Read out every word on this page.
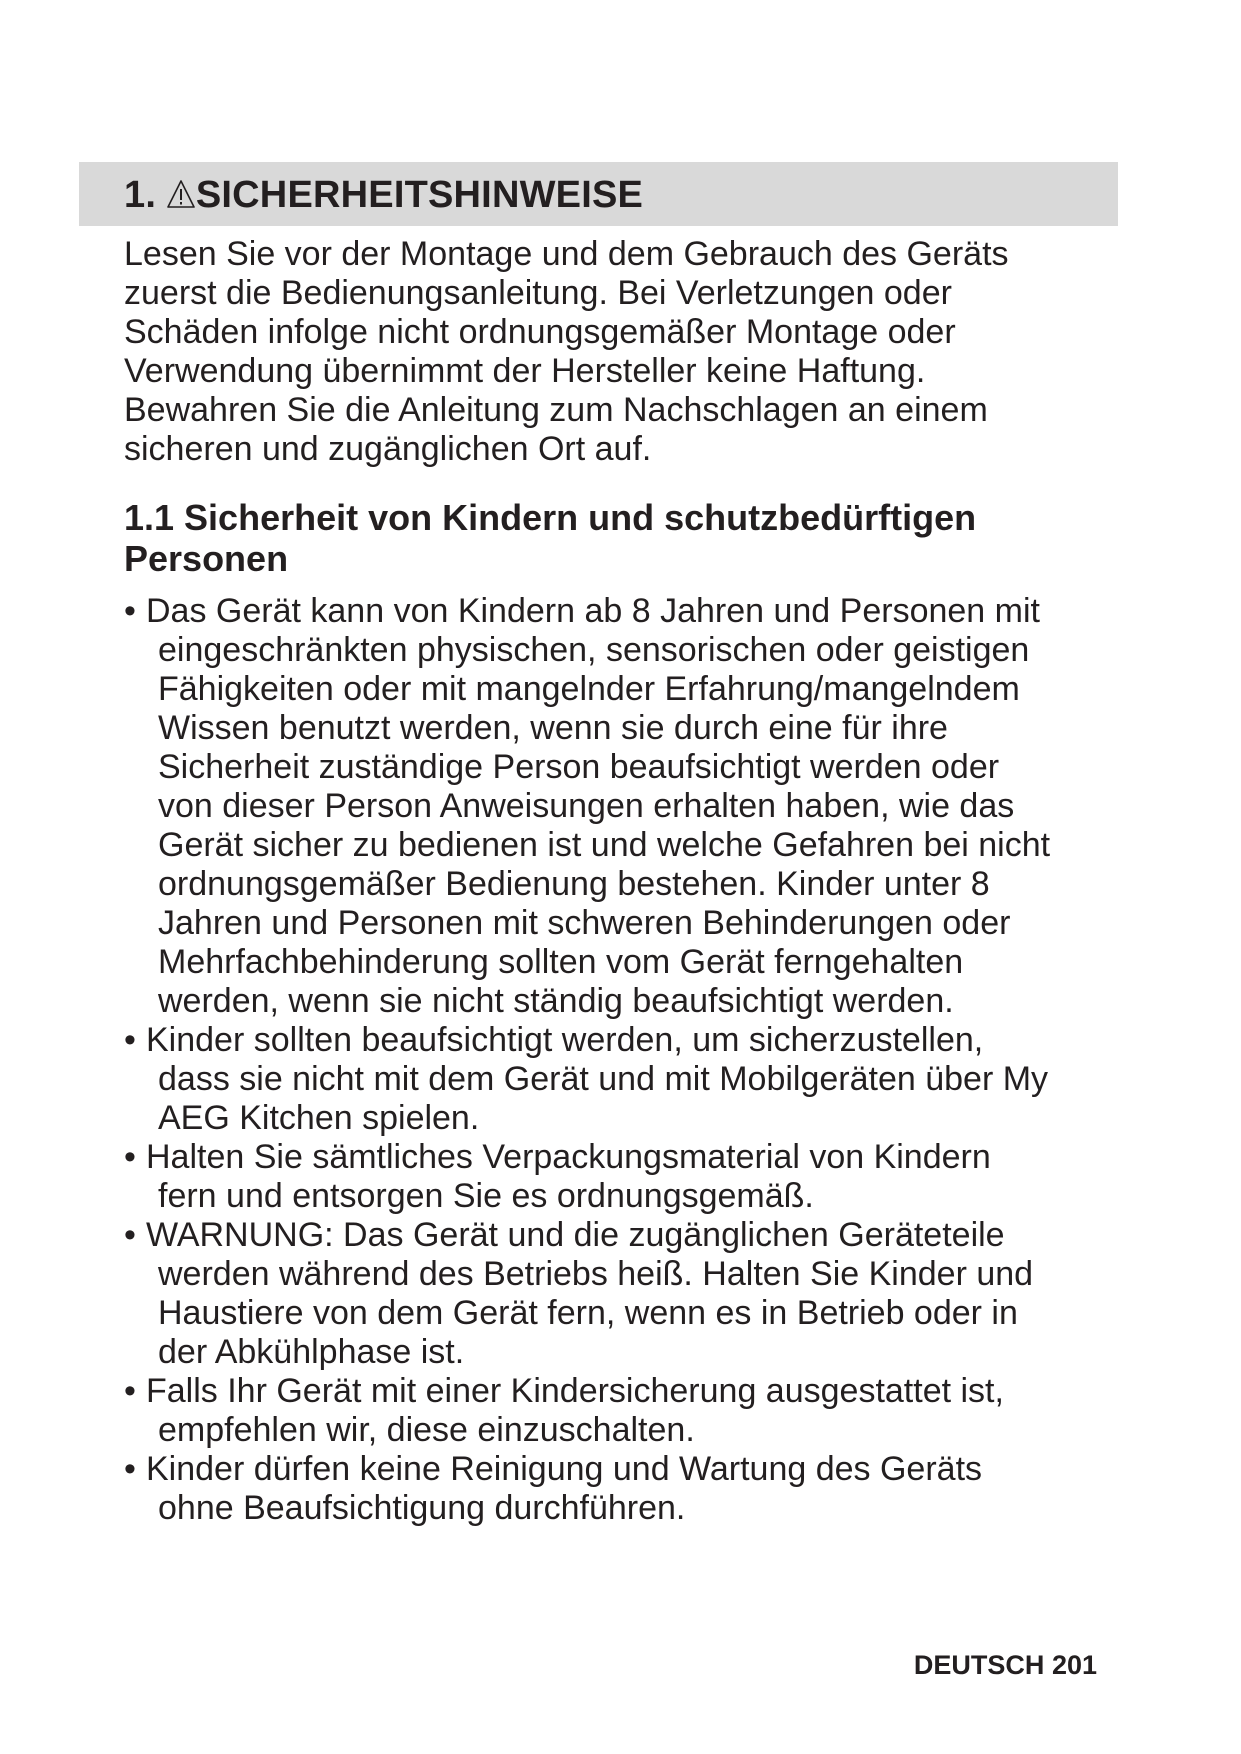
1. SICHERHEITSHINWEISE
Lesen Sie vor der Montage und dem Gebrauch des Geräts
zuerst die Bedienungsanleitung. Bei Verletzungen oder
Schäden infolge nicht ordnungsgemäßer Montage oder
Verwendung übernimmt der Hersteller keine Haftung.
Bewahren Sie die Anleitung zum Nachschlagen an einem
sicheren und zugänglichen Ort auf.
1.1 Sicherheit von Kindern und schutzbedürftigen
Personen
• Das Gerät kann von Kindern ab 8 Jahren und Personen mit
eingeschränkten physischen, sensorischen oder geistigen
Fähigkeiten oder mit mangelnder Erfahrung/mangelndem
Wissen benutzt werden, wenn sie durch eine für ihre
Sicherheit zuständige Person beaufsichtigt werden oder
von dieser Person Anweisungen erhalten haben, wie das
Gerät sicher zu bedienen ist und welche Gefahren bei nicht
ordnungsgemäßer Bedienung bestehen. Kinder unter 8
Jahren und Personen mit schweren Behinderungen oder
Mehrfachbehinderung sollten vom Gerät ferngehalten
werden, wenn sie nicht ständig beaufsichtigt werden.
• Kinder sollten beaufsichtigt werden, um sicherzustellen,
dass sie nicht mit dem Gerät und mit Mobilgeräten über My
AEG Kitchen spielen.
• Halten Sie sämtliches Verpackungsmaterial von Kindern
fern und entsorgen Sie es ordnungsgemäß.
• WARNUNG: Das Gerät und die zugänglichen Geräteteile
werden während des Betriebs heiß. Halten Sie Kinder und
Haustiere von dem Gerät fern, wenn es in Betrieb oder in
der Abkühlphase ist.
• Falls Ihr Gerät mit einer Kindersicherung ausgestattet ist,
empfehlen wir, diese einzuschalten.
• Kinder dürfen keine Reinigung und Wartung des Geräts
ohne Beaufsichtigung durchführen.
DEUTSCH 201
